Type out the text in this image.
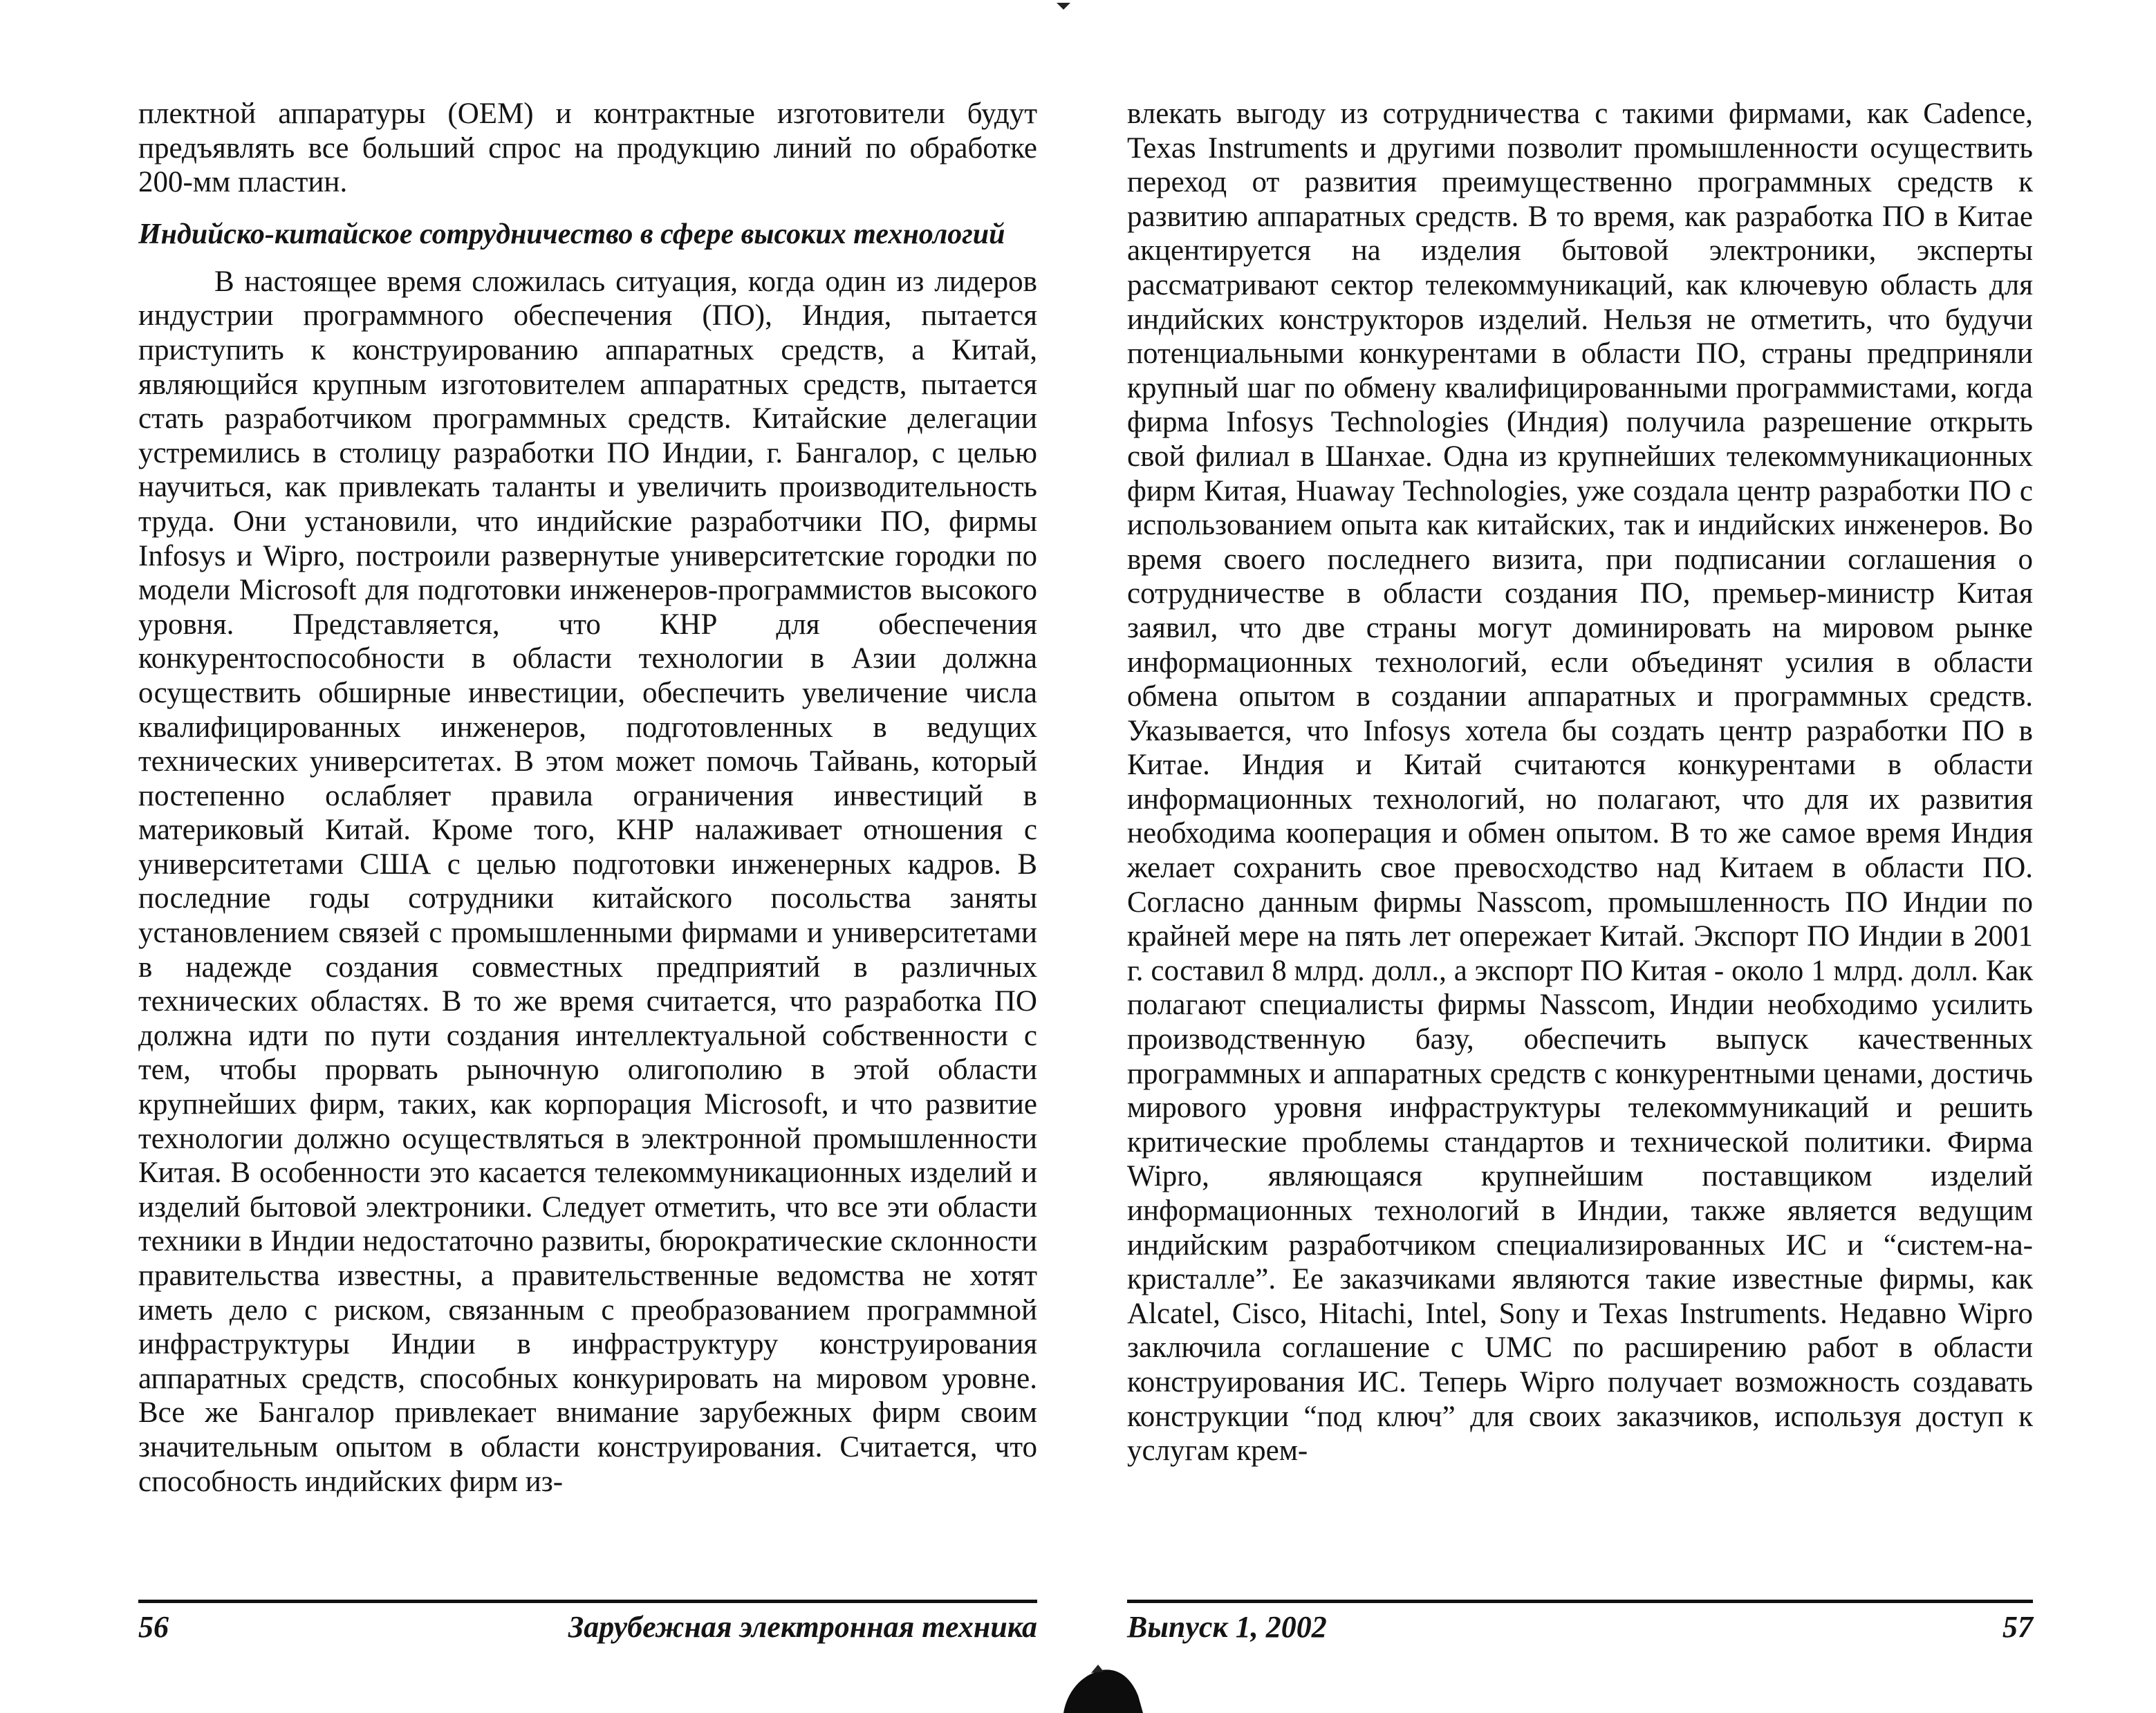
плектной аппаратуры (OEM) и контрактные изготовители будут предъявлять все больший спрос на продукцию линий по обработке 200-мм пластин.

Индийско-китайское сотрудничество в сфере высоких технологий

В настоящее время сложилась ситуация, когда один из лидеров индустрии программного обеспечения (ПО), Индия, пытается приступить к конструированию аппаратных средств, а Китай, являющийся крупным изготовителем аппаратных средств, пытается стать разработчиком программных средств. Китайские делегации устремились в столицу разработки ПО Индии, г. Бангалор, с целью научиться, как привлекать таланты и увеличить производительность труда. Они установили, что индийские разработчики ПО, фирмы Infosys и Wipro, построили развернутые университетские городки по модели Microsoft для подготовки инженеров-программистов высокого уровня. Представляется, что КНР для обеспечения конкурентоспособности в области технологии в Азии должна осуществить обширные инвестиции, обеспечить увеличение числа квалифицированных инженеров, подготовленных в ведущих технических университетах. В этом может помочь Тайвань, который постепенно ослабляет правила ограничения инвестиций в материковый Китай. Кроме того, КНР налаживает отношения с университетами США с целью подготовки инженерных кадров. В последние годы сотрудники китайского посольства заняты установлением связей с промышленными фирмами и университетами в надежде создания совместных предприятий в различных технических областях. В то же время считается, что разработка ПО должна идти по пути создания интеллектуальной собственности с тем, чтобы прорвать рыночную олигополию в этой области крупнейших фирм, таких, как корпорация Microsoft, и что развитие технологии должно осуществляться в электронной промышленности Китая. В особенности это касается телекоммуникационных изделий и изделий бытовой электроники. Следует отметить, что все эти области техники в Индии недостаточно развиты, бюрократические склонности правительства известны, а правительственные ведомства не хотят иметь дело с риском, связанным с преобразованием программной инфраструктуры Индии в инфраструктуру конструирования аппаратных средств, способных конкурировать на мировом уровне. Все же Бангалор привлекает внимание зарубежных фирм своим значительным опытом в области конструирования. Считается, что способность индийских фирм из-

56	Зарубежная электронная техника

влекать выгоду из сотрудничества с такими фирмами, как Cadence, Texas Instruments и другими позволит промышленности осуществить переход от развития преимущественно программных средств к развитию аппаратных средств. В то время, как разработка ПО в Китае акцентируется на изделия бытовой электроники, эксперты рассматривают сектор телекоммуникаций, как ключевую область для индийских конструкторов изделий. Нельзя не отметить, что будучи потенциальными конкурентами в области ПО, страны предприняли крупный шаг по обмену квалифицированными программистами, когда фирма Infosys Technologies (Индия) получила разрешение открыть свой филиал в Шанхае. Одна из крупнейших телекоммуникационных фирм Китая, Huaway Technologies, уже создала центр разработки ПО с использованием опыта как китайских, так и индийских инженеров. Во время своего последнего визита, при подписании соглашения о сотрудничестве в области создания ПО, премьер-министр Китая заявил, что две страны могут доминировать на мировом рынке информационных технологий, если объединят усилия в области обмена опытом в создании аппаратных и программных средств. Указывается, что Infosys хотела бы создать центр разработки ПО в Китае. Индия и Китай считаются конкурентами в области информационных технологий, но полагают, что для их развития необходима кооперация и обмен опытом. В то же самое время Индия желает сохранить свое превосходство над Китаем в области ПО. Согласно данным фирмы Nasscom, промышленность ПО Индии по крайней мере на пять лет опережает Китай. Экспорт ПО Индии в 2001 г. составил 8 млрд. долл., а экспорт ПО Китая - около 1 млрд. долл. Как полагают специалисты фирмы Nasscom, Индии необходимо усилить производственную базу, обеспечить выпуск качественных программных и аппаратных средств с конкурентными ценами, достичь мирового уровня инфраструктуры телекоммуникаций и решить критические проблемы стандартов и технической политики. Фирма Wipro, являющаяся крупнейшим поставщиком изделий информационных технологий в Индии, также является ведущим индийским разработчиком специализированных ИС и “систем-на-кристалле”. Ее заказчиками являются такие известные фирмы, как Alcatel, Cisco, Hitachi, Intel, Sony и Texas Instruments. Недавно Wipro заключила соглашение с UMC по расширению работ в области конструирования ИС. Теперь Wipro получает возможность создавать конструкции “под ключ” для своих заказчиков, используя доступ к услугам крем-

Выпуск 1, 2002	57
